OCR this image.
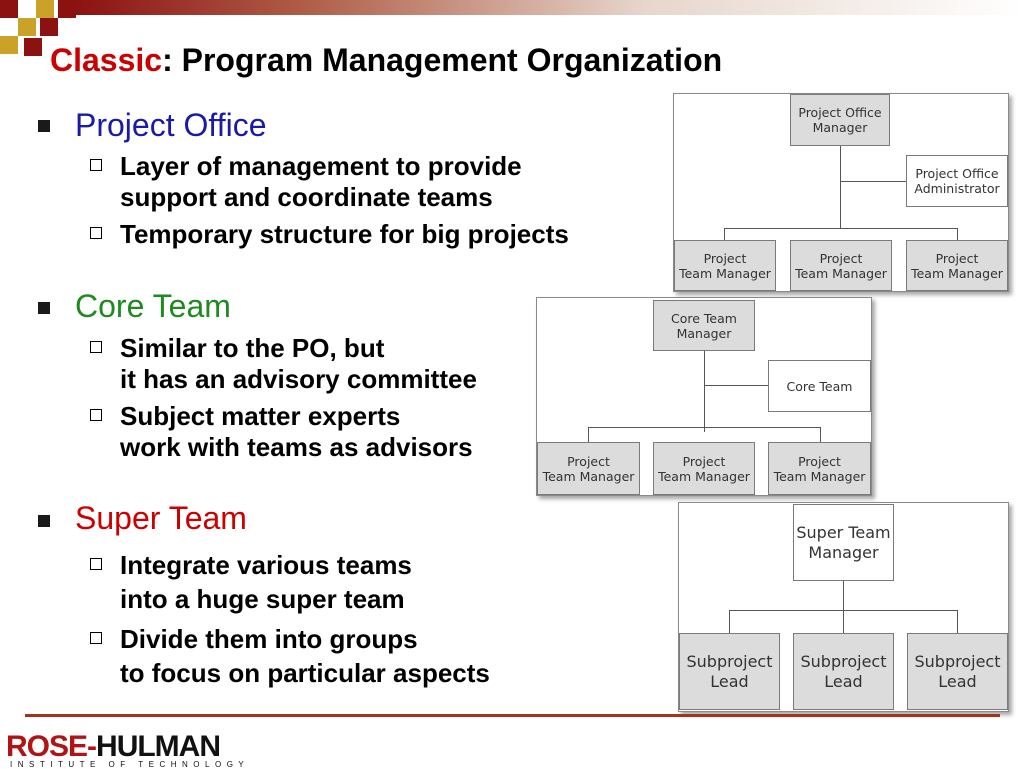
Classic: Program Management Organization
Project Office
Layer of management to provide
support and coordinate teams
Temporary structure for big projects
Core Team
Similar to the PO, but
it has an advisory committee
Subject matter experts
work with teams as advisors
Super Team
Integrate various teams
into a huge super team
Divide them into groups
to focus on particular aspects
Project Office
Manager
Project Office
Administrator
Project
Team Manager
Project
Team Manager
Project
Team Manager
Core Team
Manager
Core Team
Project
Team Manager
Project
Team Manager
Project
Team Manager
Super Team
Manager
Subproject
Lead
Subproject
Lead
Subproject
Lead
ROSE-HULMAN
INSTITUTE OF TECHNOLOGY
